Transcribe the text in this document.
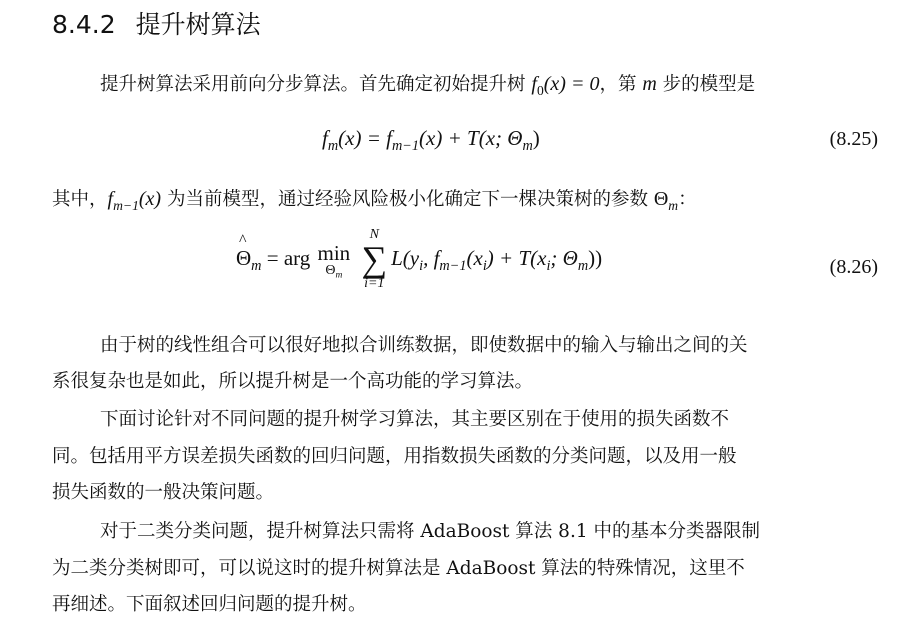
8.4.2 提升树算法
提升树算法采用前向分步算法。首先确定初始提升树 $f_0(x) = 0$，第 m 步的模型是
$f_m(x) = f_{m-1}(x) + T(x$; $\Theta_m$)	(8.25)
其中，$f_{m-1}(x)$ 为当前模型，通过经验风险极小化确定下一棵决策树的参数 $\Theta_m$：
^ $\Theta_m$ = arg min
$\Theta_m$

N
∑
i=1
$L(y_i$, $f_{m-1}(x_i) + T(x_i$; $\Theta_m$))	(8.26)
由于树的线性组合可以很好地拟合训练数据，即使数据中的输入与输出之间的关
系很复杂也是如此，所以提升树是一个高功能的学习算法。
下面讨论针对不同问题的提升树学习算法，其主要区别在于使用的损失函数不
同。包括用平方误差损失函数的回归问题，用指数损失函数的分类问题，以及用一般
损失函数的一般决策问题。
对于二类分类问题，提升树算法只需将 AdaBoost 算法 8.1 中的基本分类器限制
为二类分类树即可，可以说这时的提升树算法是 AdaBoost 算法的特殊情况，这里不
再细述。下面叙述回归问题的提升树。
